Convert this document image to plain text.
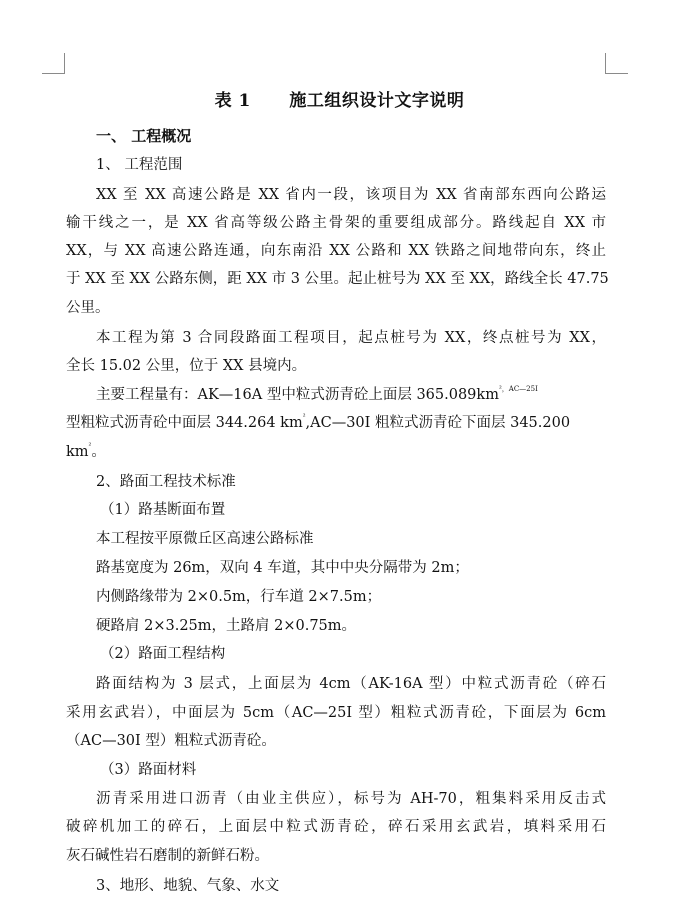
表 1      施工组织设计文字说明
一、 工程概况
1、 工程范围
XX 至 XX 高速公路是 XX 省内一段，该项目为 XX 省南部东西向公路运
输干线之一，是 XX 省高等级公路主骨架的重要组成部分。路线起自 XX 市
XX，与 XX 高速公路连通，向东南沿 XX 公路和 XX 铁路之间地带向东，终止
于 XX 至 XX 公路东侧，距 XX 市 3 公里。起止桩号为 XX 至 XX，路线全长 47.75
公里。
本工程为第 3 合同段路面工程项目，起点桩号为 XX，终点桩号为 XX，
全长 15.02 公里，位于 XX 县境内。
主要工程量有：AK—16A 型中粒式沥青砼上面层 $365.089km^{^2,AC—25I}$
型粗粒式沥青砼中面层 344.264 $km^{^2},AC—30I$ 粗粒式沥青砼下面层 345.200
$km^{^2}$。
2、路面工程技术标准
（1）路基断面布置
本工程按平原微丘区高速公路标准
路基宽度为 26m，双向 4 车道，其中中央分隔带为 2m；
内侧路缘带为 2×0.5m，行车道 2×7.5m；
硬路肩 2×3.25m，土路肩 2×0.75m。
（2）路面工程结构
路面结构为 3 层式，上面层为 4cm（AK-16A 型）中粒式沥青砼（碎石
采用玄武岩），中面层为 5cm（AC—25I 型）粗粒式沥青砼，下面层为 6cm
（AC—30I 型）粗粒式沥青砼。
（3）路面材料
沥青采用进口沥青（由业主供应），标号为 AH-70，粗集料采用反击式
破碎机加工的碎石，上面层中粒式沥青砼，碎石采用玄武岩，填料采用石
灰石碱性岩石磨制的新鲜石粉。
3、地形、地貌、气象、水文
